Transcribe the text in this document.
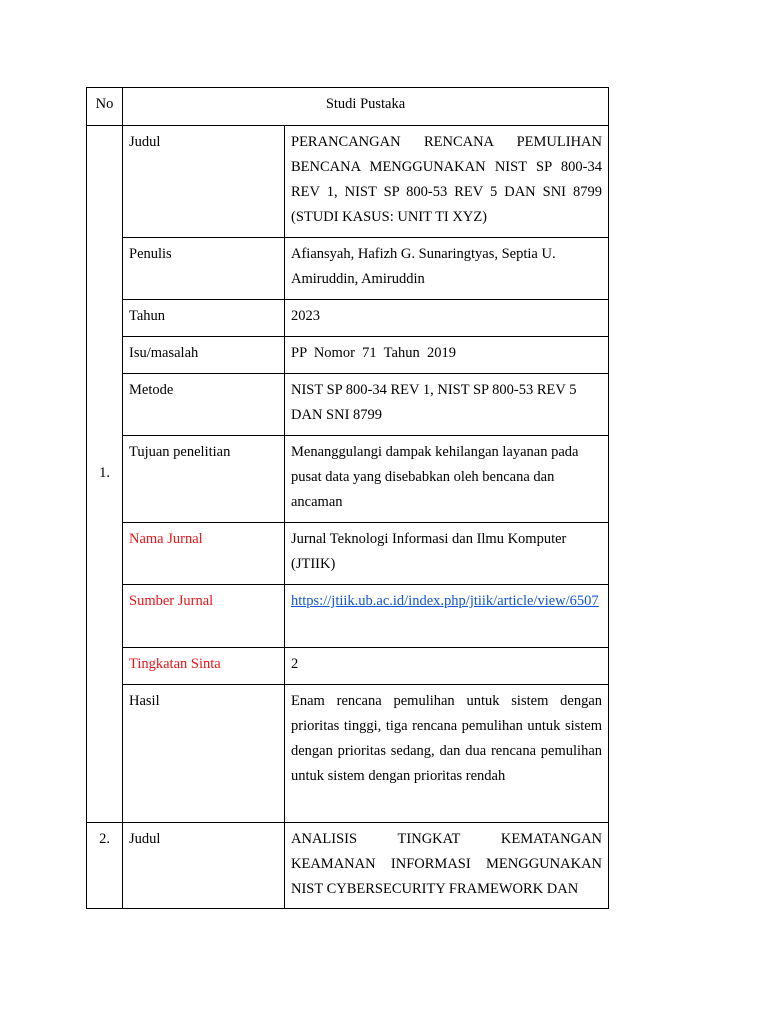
No	Studi Pustaka	
1.	Judul	PERANCANGAN RENCANA PEMULIHAN BENCANA MENGGUNAKAN NIST SP 800-34 REV 1, NIST SP 800-53 REV 5 DAN SNI 8799 (STUDI KASUS: UNIT TI XYZ)
	Penulis	Afiansyah, Hafizh G. Sunaringtyas, Septia U. Amiruddin, Amiruddin
	Tahun	2023
	Isu/masalah	PP  Nomor  71  Tahun  2019
	Metode	NIST SP 800-34 REV 1, NIST SP 800-53 REV 5 DAN SNI 8799
	Tujuan penelitian	Menanggulangi dampak kehilangan layanan pada pusat data yang disebabkan oleh bencana dan ancaman
	Nama Jurnal	Jurnal Teknologi Informasi dan Ilmu Komputer (JTIIK)
	Sumber Jurnal	https://jtiik.ub.ac.id/index.php/jtiik/article/view/6507
	Tingkatan Sinta	2
	Hasil	Enam rencana pemulihan untuk sistem dengan prioritas tinggi, tiga rencana pemulihan untuk sistem dengan prioritas sedang, dan dua rencana pemulihan untuk sistem dengan prioritas rendah
2.	Judul	ANALISIS TINGKAT KEMATANGAN KEAMANAN INFORMASI MENGGUNAKAN NIST CYBERSECURITY FRAMEWORK DAN
